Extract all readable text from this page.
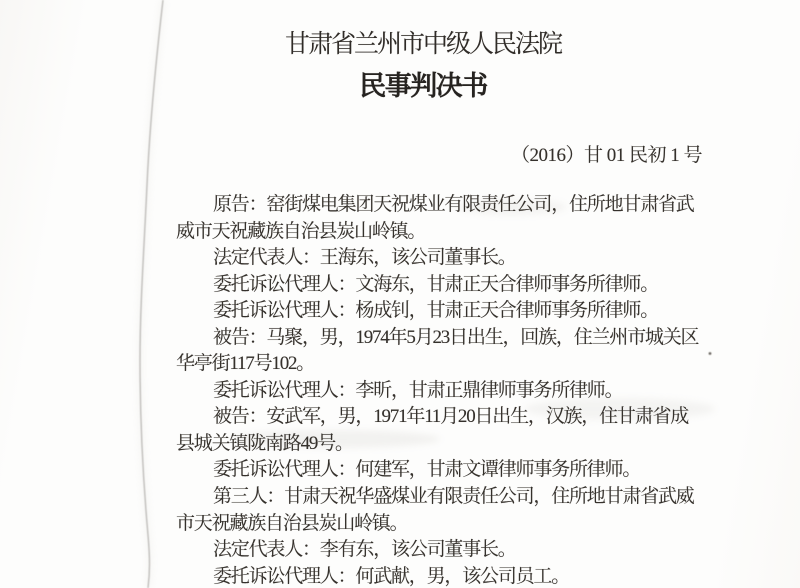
甘肃省兰州市中级人民法院
民事判决书
（2016）甘 01 民初 1 号
原告：窑街煤电集团天祝煤业有限责任公司，住所地甘肃省武
威市天祝藏族自治县炭山岭镇。
法定代表人：王海东，该公司董事长。
委托诉讼代理人：文海东，甘肃正天合律师事务所律师。
委托诉讼代理人：杨成钊，甘肃正天合律师事务所律师。
被告：马聚，男，1974年5月23日出生，回族，住兰州市城关区
华亭街117号102。
委托诉讼代理人：李昕，甘肃正鼎律师事务所律师。
被告：安武军，男，1971年11月20日出生，汉族，住甘肃省成
县城关镇陇南路49号。
委托诉讼代理人：何建军，甘肃文谭律师事务所律师。
第三人：甘肃天祝华盛煤业有限责任公司，住所地甘肃省武威
市天祝藏族自治县炭山岭镇。
法定代表人：李有东，该公司董事长。
委托诉讼代理人：何武献，男，该公司员工。
